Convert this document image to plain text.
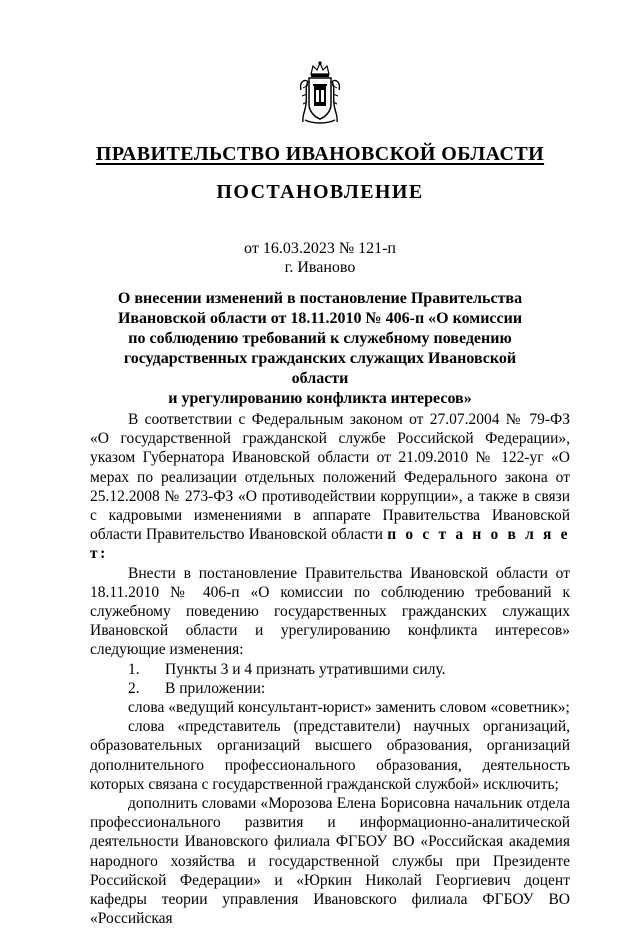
ПРАВИТЕЛЬСТВО ИВАНОВСКОЙ ОБЛАСТИ
ПОСТАНОВЛЕНИЕ
от 16.03.2023 № 121-п
г. Иваново
О внесении изменений в постановление Правительства
Ивановской области от 18.11.2010 № 406-п «О комиссии
по соблюдению требований к служебному поведению
государственных гражданских служащих Ивановской области
и урегулированию конфликта интересов»

В соответствии с Федеральным законом от 27.07.2004 № 79-ФЗ «О государственной гражданской службе Российской Федерации», указом Губернатора Ивановской области от 21.09.2010 № 122-уг «О мерах по реализации отдельных положений Федерального закона от 25.12.2008 № 273-ФЗ «О противодействии коррупции», а также в связи с кадровыми изменениями в аппарате Правительства Ивановской области Правительство Ивановской области п о с т а н о в л я е т:

Внести в постановление Правительства Ивановской области от 18.11.2010 № 406-п «О комиссии по соблюдению требований к служебному поведению государственных гражданских служащих Ивановской области и урегулированию конфликта интересов» следующие изменения:

1. Пункты 3 и 4 признать утратившими силу.

2. В приложении:

слова «ведущий консультант-юрист» заменить словом «советник»;

слова «представитель (представители) научных организаций, образовательных организаций высшего образования, организаций дополнительного профессионального образования, деятельность которых связана с государственной гражданской службой» исключить;

дополнить словами «Морозова Елена Борисовна начальник отдела профессионального развития и информационно-аналитической деятельности Ивановского филиала ФГБОУ ВО «Российская академия народного хозяйства и государственной службы при Президенте Российской Федерации» и «Юркин Николай Георгиевич доцент кафедры теории управления Ивановского филиала ФГБОУ ВО «Российская
